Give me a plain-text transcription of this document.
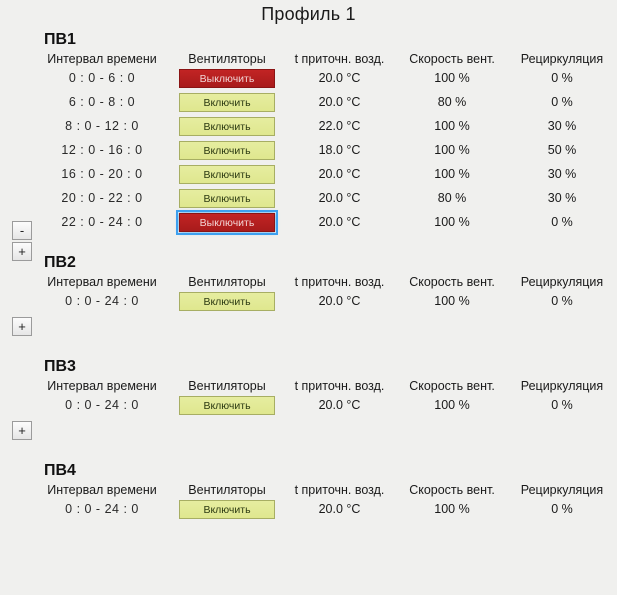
Профиль 1
ПВ1
	Интервал времени	Вентиляторы	t приточн. возд.	Скорость вент.	Рециркуляция
	0 : 0 - 6 : 0	Выключить	20.0 °C	100 %	0 %
	6 : 0 - 8 : 0	Включить	20.0 °C	80 %	0 %
	8 : 0 - 12 : 0	Включить	22.0 °C	100 %	30 %
	12 : 0 - 16 : 0	Включить	18.0 °C	100 %	50 %
	16 : 0 - 20 : 0	Включить	20.0 °C	100 %	30 %
	20 : 0 - 22 : 0	Включить	20.0 °C	80 %	30 %
	22 : 0 - 24 : 0	Выключить	20.0 °C	100 %	0 %
-
+
ПВ2
	Интервал времени	Вентиляторы	t приточн. возд.	Скорость вент.	Рециркуляция
	0 : 0 - 24 : 0	Включить	20.0 °C	100 %	0 %
+
ПВ3
	Интервал времени	Вентиляторы	t приточн. возд.	Скорость вент.	Рециркуляция
	0 : 0 - 24 : 0	Включить	20.0 °C	100 %	0 %
+
ПВ4
	Интервал времени	Вентиляторы	t приточн. возд.	Скорость вент.	Рециркуляция
	0 : 0 - 24 : 0	Включить	20.0 °C	100 %	0 %
